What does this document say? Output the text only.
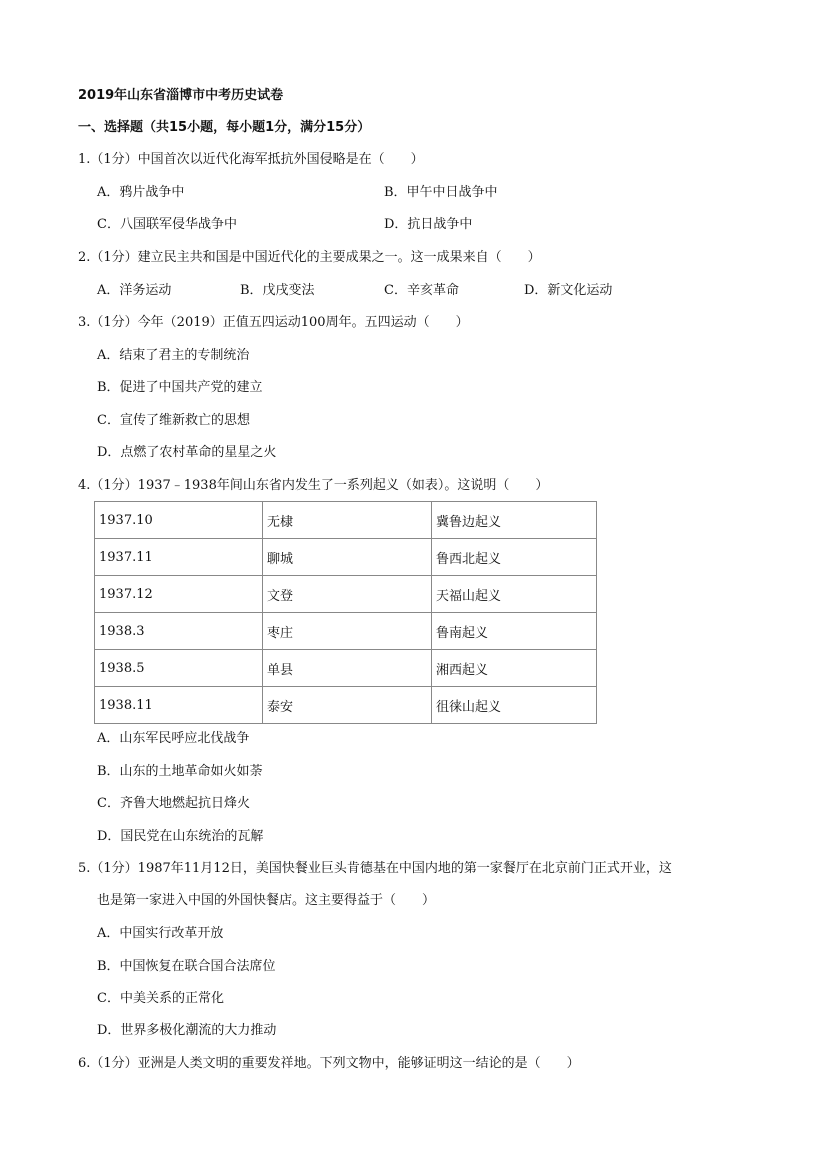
2019年山东省淄博市中考历史试卷
一、选择题（共15小题，每小题1分，满分15分）
1.（1分）中国首次以近代化海军抵抗外国侵略是在（　　）
A．鸦片战争中	B．甲午中日战争中
C．八国联军侵华战争中	D．抗日战争中
2.（1分）建立民主共和国是中国近代化的主要成果之一。这一成果来自（　　）
A．洋务运动	B．戊戌变法	C．辛亥革命	D．新文化运动
3.（1分）今年（2019）正值五四运动100周年。五四运动（　　）
A．结束了君主的专制统治
B．促进了中国共产党的建立
C．宣传了维新救亡的思想
D．点燃了农村革命的星星之火
4.（1分）1937﹣1938年间山东省内发生了一系列起义（如表）。这说明（　　）
1937.10	无棣	冀鲁边起义
1937.11	聊城	鲁西北起义
1937.12	文登	天福山起义
1938.3	枣庄	鲁南起义
1938.5	单县	湘西起义
1938.11	泰安	徂徕山起义
A．山东军民呼应北伐战争
B．山东的土地革命如火如荼
C．齐鲁大地燃起抗日烽火
D．国民党在山东统治的瓦解
5.（1分）1987年11月12日，美国快餐业巨头肯德基在中国内地的第一家餐厅在北京前门正式开业，这
也是第一家进入中国的外国快餐店。这主要得益于（　　）
A．中国实行改革开放
B．中国恢复在联合国合法席位
C．中美关系的正常化
D．世界多极化潮流的大力推动
6.（1分）亚洲是人类文明的重要发祥地。下列文物中，能够证明这一结论的是（　　）
